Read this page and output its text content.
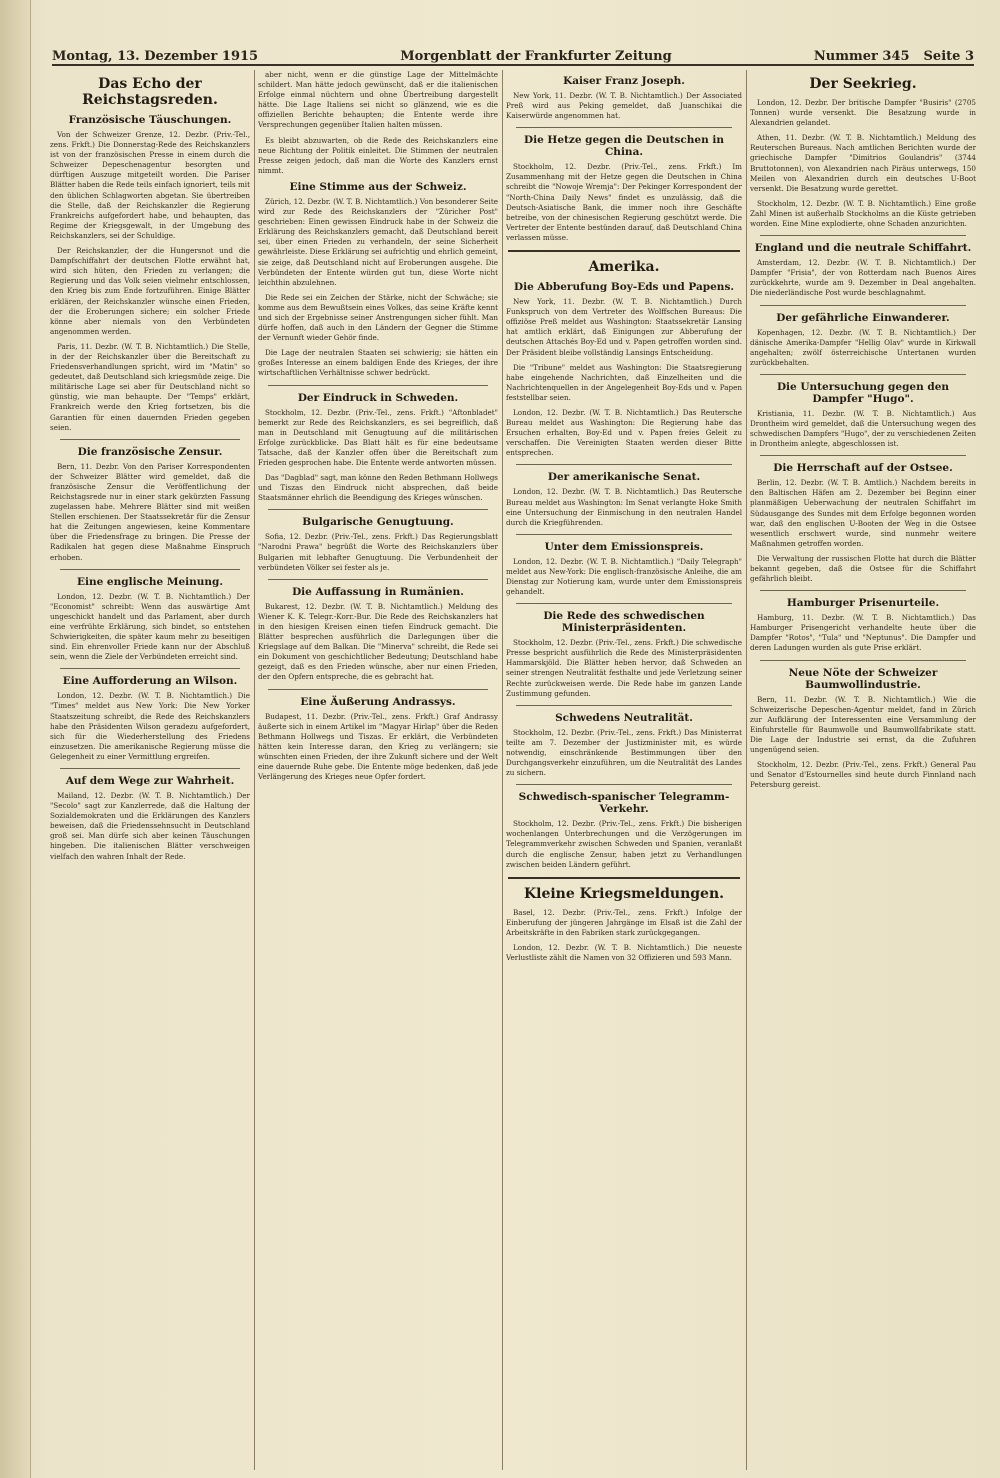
Montag, 13. Dezember 1915	Morgenblatt der Frankfurter Zeitung	Nummer 345 Seite 3
Das Echo der Reichstagsreden.
Französische Täuschungen.

Von der Schweizer Grenze, 12. Dezbr. (Priv.-Tel., zens. Frkft.) Die Donnerstag-Rede des Reichskanzlers ist von der französischen Presse in einem durch die Schweizer Depeschenagentur besorgten und dürftigen Auszuge mitgeteilt worden. Die Pariser Blätter haben die Rede teils einfach ignoriert, teils mit den üblichen Schlagworten abgetan. Sie übertreiben die Stelle, daß der Reichskanzler die Regierung Frankreichs aufgefordert habe, und behaupten, das Regime der Kriegsgewalt, in der Umgebung des Reichskanzlers, sei der Schuldige.

Der Reichskanzler, der die Hungersnot und die Dampfschiffahrt der deutschen Flotte erwähnt hat, wird sich hüten, den Frieden zu verlangen; die Regierung und das Volk seien vielmehr entschlossen, den Krieg bis zum Ende fortzuführen. Einige Blätter erklären, der Reichskanzler wünsche einen Frieden, der die Eroberungen sichere; ein solcher Friede könne aber niemals von den Verbündeten angenommen werden.

Paris, 11. Dezbr. (W. T. B. Nichtamtlich.) Die Stelle, in der der Reichskanzler über die Bereitschaft zu Friedensverhandlungen spricht, wird im "Matin" so gedeutet, daß Deutschland sich kriegsmüde zeige. Die militärische Lage sei aber für Deutschland nicht so günstig, wie man behaupte. Der "Temps" erklärt, Frankreich werde den Krieg fortsetzen, bis die Garantien für einen dauernden Frieden gegeben seien.

Die französische Zensur.

Bern, 11. Dezbr. Von den Pariser Korrespondenten der Schweizer Blätter wird gemeldet, daß die französische Zensur die Veröffentlichung der Reichstagsrede nur in einer stark gekürzten Fassung zugelassen habe. Mehrere Blätter sind mit weißen Stellen erschienen. Der Staatssekretär für die Zensur hat die Zeitungen angewiesen, keine Kommentare über die Friedensfrage zu bringen. Die Presse der Radikalen hat gegen diese Maßnahme Einspruch erhoben.

Eine englische Meinung.

London, 12. Dezbr. (W. T. B. Nichtamtlich.) Der "Economist" schreibt: Wenn das auswärtige Amt ungeschickt handelt und das Parlament, aber durch eine verfrühte Erklärung, sich bindet, so entstehen Schwierigkeiten, die später kaum mehr zu beseitigen sind. Ein ehrenvoller Friede kann nur der Abschluß sein, wenn die Ziele der Verbündeten erreicht sind.

Eine Aufforderung an Wilson.

London, 12. Dezbr. (W. T. B. Nichtamtlich.) Die "Times" meldet aus New York: Die New Yorker Staatszeitung schreibt, die Rede des Reichskanzlers habe den Präsidenten Wilson geradezu aufgefordert, sich für die Wiederherstellung des Friedens einzusetzen. Die amerikanische Regierung müsse die Gelegenheit zu einer Vermittlung ergreifen.

Auf dem Wege zur Wahrheit.

Mailand, 12. Dezbr. (W. T. B. Nichtamtlich.) Der "Secolo" sagt zur Kanzlerrede, daß die Haltung der Sozialdemokraten und die Erklärungen des Kanzlers beweisen, daß die Friedenssehnsucht in Deutschland groß sei. Man dürfe sich aber keinen Täuschungen hingeben. Die italienischen Blätter verschweigen vielfach den wahren Inhalt der Rede.

aber nicht, wenn er die günstige Lage der Mittelmächte schildert. Man hätte jedoch gewünscht, daß er die italienischen Erfolge einmal nüchtern und ohne Übertreibung dargestellt hätte. Die Lage Italiens sei nicht so glänzend, wie es die offiziellen Berichte behaupten; die Entente werde ihre Versprechungen gegenüber Italien halten müssen.

Es bleibt abzuwarten, ob die Rede des Reichskanzlers eine neue Richtung der Politik einleitet. Die Stimmen der neutralen Presse zeigen jedoch, daß man die Worte des Kanzlers ernst nimmt.

Eine Stimme aus der Schweiz.

Zürich, 12. Dezbr. (W. T. B. Nichtamtlich.) Von besonderer Seite wird zur Rede des Reichskanzlers der "Züricher Post" geschrieben: Einen gewissen Eindruck habe in der Schweiz die Erklärung des Reichskanzlers gemacht, daß Deutschland bereit sei, über einen Frieden zu verhandeln, der seine Sicherheit gewährleiste. Diese Erklärung sei aufrichtig und ehrlich gemeint, sie zeige, daß Deutschland nicht auf Eroberungen ausgehe. Die Verbündeten der Entente würden gut tun, diese Worte nicht leichthin abzulehnen.

Die Rede sei ein Zeichen der Stärke, nicht der Schwäche; sie komme aus dem Bewußtsein eines Volkes, das seine Kräfte kennt und sich der Ergebnisse seiner Anstrengungen sicher fühlt. Man dürfe hoffen, daß auch in den Ländern der Gegner die Stimme der Vernunft wieder Gehör finde.

Die Lage der neutralen Staaten sei schwierig; sie hätten ein großes Interesse an einem baldigen Ende des Krieges, der ihre wirtschaftlichen Verhältnisse schwer bedrückt.

Der Eindruck in Schweden.

Stockholm, 12. Dezbr. (Priv.-Tel., zens. Frkft.) "Aftonbladet" bemerkt zur Rede des Reichskanzlers, es sei begreiflich, daß man in Deutschland mit Genugtuung auf die militärischen Erfolge zurückblicke. Das Blatt hält es für eine bedeutsame Tatsache, daß der Kanzler offen über die Bereitschaft zum Frieden gesprochen habe. Die Entente werde antworten müssen.

Das "Dagblad" sagt, man könne den Reden Bethmann Hollwegs und Tiszas den Eindruck nicht absprechen, daß beide Staatsmänner ehrlich die Beendigung des Krieges wünschen.

Bulgarische Genugtuung.

Sofia, 12. Dezbr. (Priv.-Tel., zens. Frkft.) Das Regierungsblatt "Narodni Prawa" begrüßt die Worte des Reichskanzlers über Bulgarien mit lebhafter Genugtuung. Die Verbundenheit der verbündeten Völker sei fester als je.

Die Auffassung in Rumänien.

Bukarest, 12. Dezbr. (W. T. B. Nichtamtlich.) Meldung des Wiener K. K. Telegr.-Korr.-Bur. Die Rede des Reichskanzlers hat in den hiesigen Kreisen einen tiefen Eindruck gemacht. Die Blätter besprechen ausführlich die Darlegungen über die Kriegslage auf dem Balkan. Die "Minerva" schreibt, die Rede sei ein Dokument von geschichtlicher Bedeutung; Deutschland habe gezeigt, daß es den Frieden wünsche, aber nur einen Frieden, der den Opfern entspreche, die es gebracht hat.

Eine Äußerung Andrassys.

Budapest, 11. Dezbr. (Priv.-Tel., zens. Frkft.) Graf Andrassy äußerte sich in einem Artikel im "Magyar Hirlap" über die Reden Bethmann Hollwegs und Tiszas. Er erklärt, die Verbündeten hätten kein Interesse daran, den Krieg zu verlängern; sie wünschten einen Frieden, der ihre Zukunft sichere und der Welt eine dauernde Ruhe gebe. Die Entente möge bedenken, daß jede Verlängerung des Krieges neue Opfer fordert.

Kaiser Franz Joseph.

New York, 11. Dezbr. (W. T. B. Nichtamtlich.) Der Associated Preß wird aus Peking gemeldet, daß Juanschikai die Kaiserwürde angenommen hat.

Die Hetze gegen die Deutschen in China.

Stockholm, 12. Dezbr. (Priv.-Tel., zens. Frkft.) Im Zusammenhang mit der Hetze gegen die Deutschen in China schreibt die "Nowoje Wremja": Der Pekinger Korrespondent der "North-China Daily News" findet es unzulässig, daß die Deutsch-Asiatische Bank, die immer noch ihre Geschäfte betreibe, von der chinesischen Regierung geschützt werde. Die Vertreter der Entente bestünden darauf, daß Deutschland China verlassen müsse.

Amerika.
Die Abberufung Boy-Eds und Papens.

New York, 11. Dezbr. (W. T. B. Nichtamtlich.) Durch Funkspruch von dem Vertreter des Wolffschen Bureaus: Die offiziöse Preß meldet aus Washington: Staatssekretär Lansing hat amtlich erklärt, daß Einigungen zur Abberufung der deutschen Attachés Boy-Ed und v. Papen getroffen worden sind. Der Präsident bleibe vollständig Lansings Entscheidung.

Die "Tribune" meldet aus Washington: Die Staatsregierung habe eingehende Nachrichten, daß Einzelheiten und die Nachrichtenquellen in der Angelegenheit Boy-Eds und v. Papen feststellbar seien.

London, 12. Dezbr. (W. T. B. Nichtamtlich.) Das Reutersche Bureau meldet aus Washington: Die Regierung habe das Ersuchen erhalten, Boy-Ed und v. Papen freies Geleit zu verschaffen. Die Vereinigten Staaten werden dieser Bitte entsprechen.

Der amerikanische Senat.

London, 12. Dezbr. (W. T. B. Nichtamtlich.) Das Reutersche Bureau meldet aus Washington: Im Senat verlangte Hoke Smith eine Untersuchung der Einmischung in den neutralen Handel durch die Kriegführenden.

Unter dem Emissionspreis.

London, 12. Dezbr. (W. T. B. Nichtamtlich.) "Daily Telegraph" meldet aus New-York: Die englisch-französische Anleihe, die am Dienstag zur Notierung kam, wurde unter dem Emissionspreis gehandelt.

Die Rede des schwedischen Ministerpräsidenten.

Stockholm, 12. Dezbr. (Priv.-Tel., zens. Frkft.) Die schwedische Presse bespricht ausführlich die Rede des Ministerpräsidenten Hammarskjöld. Die Blätter heben hervor, daß Schweden an seiner strengen Neutralität festhalte und jede Verletzung seiner Rechte zurückweisen werde. Die Rede habe im ganzen Lande Zustimmung gefunden.

Schwedens Neutralität.

Stockholm, 12. Dezbr. (Priv.-Tel., zens. Frkft.) Das Ministerrat teilte am 7. Dezember der Justizminister mit, es würde notwendig, einschränkende Bestimmungen über den Durchgangsverkehr einzuführen, um die Neutralität des Landes zu sichern.

Schwedisch-spanischer Telegramm-Verkehr.

Stockholm, 12. Dezbr. (Priv.-Tel., zens. Frkft.) Die bisherigen wochenlangen Unterbrechungen und die Verzögerungen im Telegrammverkehr zwischen Schweden und Spanien, veranlaßt durch die englische Zensur, haben jetzt zu Verhandlungen zwischen beiden Ländern geführt.

Kleine Kriegsmeldungen.

Basel, 12. Dezbr. (Priv.-Tel., zens. Frkft.) Infolge der Einberufung der jüngeren Jahrgänge im Elsaß ist die Zahl der Arbeitskräfte in den Fabriken stark zurückgegangen.

London, 12. Dezbr. (W. T. B. Nichtamtlich.) Die neueste Verlustliste zählt die Namen von 32 Offizieren und 593 Mann.

Der Seekrieg.

London, 12. Dezbr. Der britische Dampfer "Busiris" (2705 Tonnen) wurde versenkt. Die Besatzung wurde in Alexandrien gelandet.

Athen, 11. Dezbr. (W. T. B. Nichtamtlich.) Meldung des Reuterschen Bureaus. Nach amtlichen Berichten wurde der griechische Dampfer "Dimitrios Goulandris" (3744 Bruttotonnen), von Alexandrien nach Piräus unterwegs, 150 Meilen von Alexandrien durch ein deutsches U-Boot versenkt. Die Besatzung wurde gerettet.

Stockholm, 12. Dezbr. (W. T. B. Nichtamtlich.) Eine große Zahl Minen ist außerhalb Stockholms an die Küste getrieben worden. Eine Mine explodierte, ohne Schaden anzurichten.

England und die neutrale Schiffahrt.

Amsterdam, 12. Dezbr. (W. T. B. Nichtamtlich.) Der Dampfer "Frisia", der von Rotterdam nach Buenos Aires zurückkehrte, wurde am 9. Dezember in Deal angehalten. Die niederländische Post wurde beschlagnahmt.

Der gefährliche Einwanderer.

Kopenhagen, 12. Dezbr. (W. T. B. Nichtamtlich.) Der dänische Amerika-Dampfer "Hellig Olav" wurde in Kirkwall angehalten; zwölf österreichische Untertanen wurden zurückbehalten.

Die Untersuchung gegen den Dampfer "Hugo".

Kristiania, 11. Dezbr. (W. T. B. Nichtamtlich.) Aus Drontheim wird gemeldet, daß die Untersuchung wegen des schwedischen Dampfers "Hugo", der zu verschiedenen Zeiten in Drontheim anlegte, abgeschlossen ist.

Die Herrschaft auf der Ostsee.

Berlin, 12. Dezbr. (W. T. B. Amtlich.) Nachdem bereits in den Baltischen Häfen am 2. Dezember bei Beginn einer planmäßigen Ueberwachung der neutralen Schiffahrt im Südausgange des Sundes mit dem Erfolge begonnen worden war, daß den englischen U-Booten der Weg in die Ostsee wesentlich erschwert wurde, sind nunmehr weitere Maßnahmen getroffen worden.

Die Verwaltung der russischen Flotte hat durch die Blätter bekannt gegeben, daß die Ostsee für die Schiffahrt gefährlich bleibt.

Hamburger Prisenurteile.

Hamburg, 11. Dezbr. (W. T. B. Nichtamtlich.) Das Hamburger Prisengericht verhandelte heute über die Dampfer "Rotos", "Tula" und "Neptunus". Die Dampfer und deren Ladungen wurden als gute Prise erklärt.

Neue Nöte der Schweizer Baumwollindustrie.

Bern, 11. Dezbr. (W. T. B. Nichtamtlich.) Wie die Schweizerische Depeschen-Agentur meldet, fand in Zürich zur Aufklärung der Interessenten eine Versammlung der Einfuhrstelle für Baumwolle und Baumwollfabrikate statt. Die Lage der Industrie sei ernst, da die Zufuhren ungenügend seien.

Stockholm, 12. Dezbr. (Priv.-Tel., zens. Frkft.) General Pau und Senator d'Estournelles sind heute durch Finnland nach Petersburg gereist.
